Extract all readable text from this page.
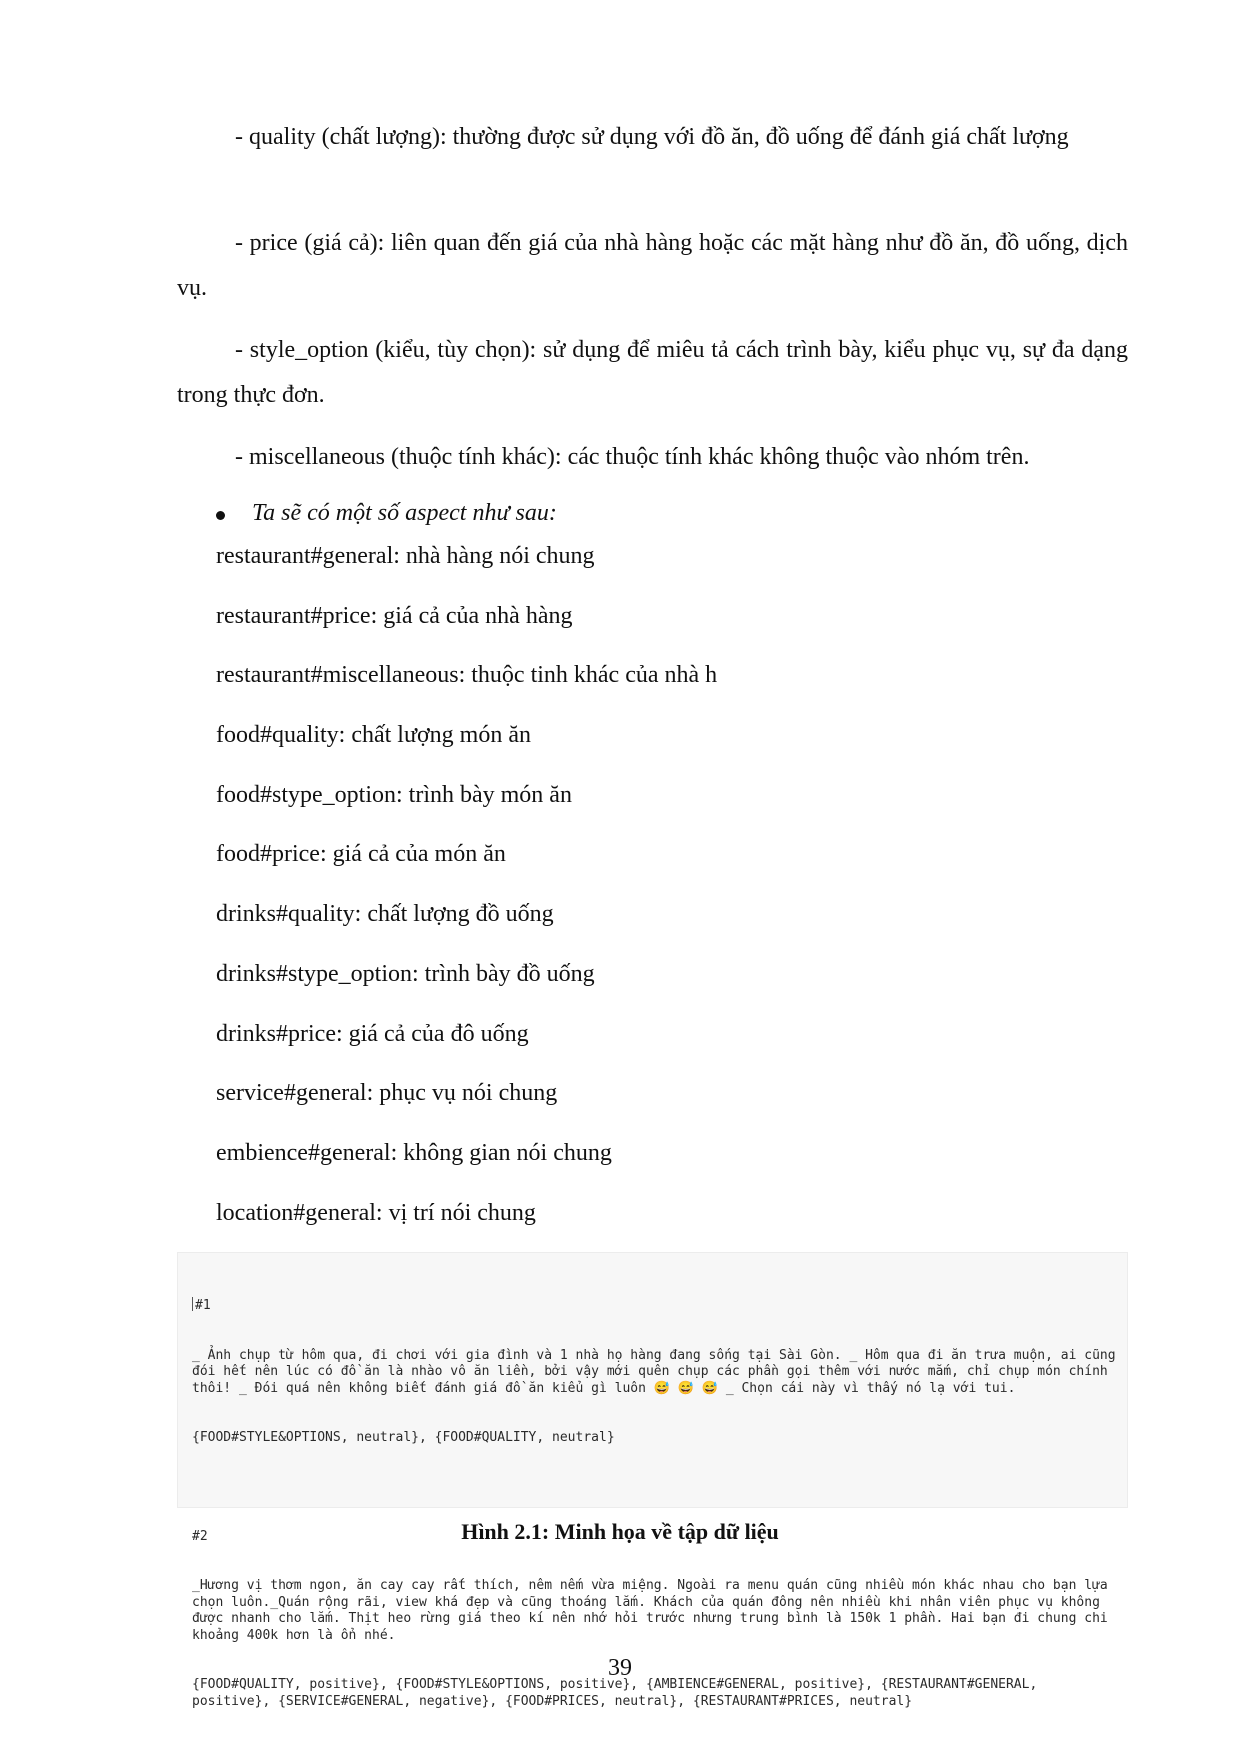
- quality (chất lượng): thường được sử dụng với đồ ăn, đồ uống để đánh giá chất lượng

- price (giá cả): liên quan đến giá của nhà hàng hoặc các mặt hàng như đồ ăn, đồ uống, dịch vụ.

- style_option (kiểu, tùy chọn): sử dụng để miêu tả cách trình bày, kiểu phục vụ, sự đa dạng trong thực đơn.

- miscellaneous (thuộc tính khác): các thuộc tính khác không thuộc vào nhóm trên.

Ta sẽ có một số aspect như sau:

restaurant#general: nhà hàng nói chung
restaurant#price: giá cả của nhà hàng
restaurant#miscellaneous: thuộc tinh khác của nhà h
food#quality: chất lượng món ăn
food#stype_option: trình bày món ăn
food#price: giá cả của món ăn
drinks#quality: chất lượng đồ uống
drinks#stype_option: trình bày đồ uống
drinks#price: giá cả của đô uống
service#general: phục vụ nói chung
embience#general: không gian nói chung
location#general: vị trí nói chung

#1

_ Ảnh chụp từ hôm qua, đi chơi với gia đình và 1 nhà họ hàng đang sống tại Sài Gòn. _ Hôm qua đi ăn trưa muộn, ai cũng đói hết nên lúc có đồ ăn là nhào vô ăn liền, bởi vậy mới quên chụp các phần gọi thêm với nước mắm, chỉ chụp món chính thôi! _ Đói quá nên không biết đánh giá đồ ăn kiểu gì luôn 😅 😅 😅 _ Chọn cái này vì thấy nó lạ với tui.

{FOOD#STYLE&OPTIONS, neutral}, {FOOD#QUALITY, neutral}

#2

_Hương vị thơm ngon, ăn cay cay rất thích, nêm nếm vừa miệng. Ngoài ra menu quán cũng nhiều món khác nhau cho bạn lựa chọn luôn._Quán rộng rãi, view khá đẹp và cũng thoáng lắm. Khách của quán đông nên nhiều khi nhân viên phục vụ không được nhanh cho lắm. Thịt heo rừng giá theo kí nên nhớ hỏi trước nhưng trung bình là 150k 1 phần. Hai bạn đi chung chi khoảng 400k hơn là ổn nhé.

{FOOD#QUALITY, positive}, {FOOD#STYLE&OPTIONS, positive}, {AMBIENCE#GENERAL, positive}, {RESTAURANT#GENERAL, positive}, {SERVICE#GENERAL, negative}, {FOOD#PRICES, neutral}, {RESTAURANT#PRICES, neutral}

Hình 2.1: Minh họa về tập dữ liệu

39
